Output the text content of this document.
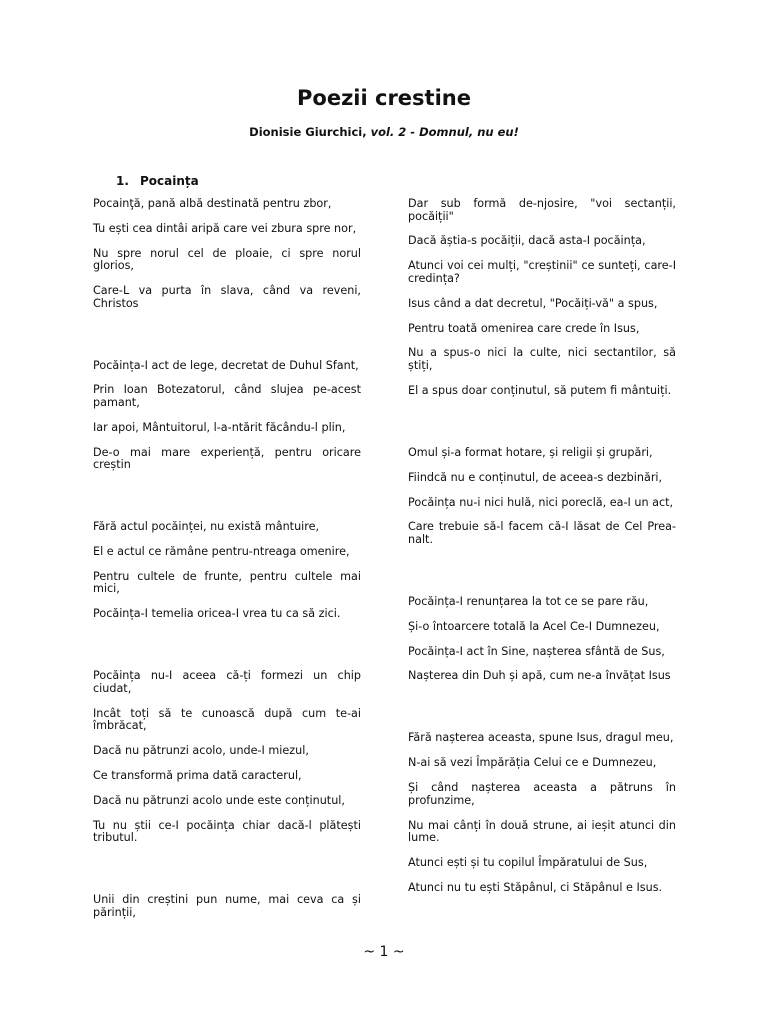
Poezii crestine
Dionisie Giurchici, vol. 2 - Domnul, nu eu!
1. Pocaința

Pocainţă, pană albă destinată pentru zbor,

Tu ești cea dintâi aripă care vei zbura spre nor,

Nu spre norul cel de ploaie, ci spre norul glorios,

Care-L va purta în slava, când va reveni, Christos

Pocăința-I act de lege, decretat de Duhul Sfant,

Prin Ioan Botezatorul, când slujea pe-acest pamant,

Iar apoi, Mântuitorul, l-a-ntărit făcându-l plin,

De-o mai mare experiență, pentru oricare creștin

Fără actul pocăinței, nu există mântuire,

El e actul ce rămâne pentru-ntreaga omenire,

Pentru cultele de frunte, pentru cultele mai mici,

Pocăința-I temelia oricea-I vrea tu ca să zici.

Pocăința nu-I aceea că-ți formezi un chip ciudat,

Incât toți să te cunoască după cum te-ai îmbrăcat,

Dacă nu pătrunzi acolo, unde-I miezul,

Ce transformă prima dată caracterul,

Dacă nu pătrunzi acolo unde este conținutul,

Tu nu știi ce-I pocăința chiar dacă-l plătești tributul.

Unii din creștini pun nume, mai ceva ca și părinții,

Dar sub formă de-njosire, "voi sectanții, pocăiții"

Dacă ăștia-s pocăiții, dacă asta-I pocăința,

Atunci voi cei mulți, "creștinii" ce sunteți, care-I credința?

Isus când a dat decretul, "Pocăiți-vă" a spus,

Pentru toată omenirea care crede în Isus,

Nu a spus-o nici la culte, nici sectantilor, să știți,

El a spus doar conținutul, să putem fi mântuiți.

Omul și-a format hotare, și religii și grupări,

Fiindcă nu e conținutul, de aceea-s dezbinări,

Pocăința nu-i nici hulă, nici poreclă, ea-I un act,

Care trebuie să-l facem că-I lăsat de Cel Prea-nalt.

Pocăința-I renunțarea la tot ce se pare rău,

Și-o întoarcere totală la Acel Ce-I Dumnezeu,

Pocăința-I act în Sine, nașterea sfântă de Sus,

Nașterea din Duh și apă, cum ne-a învățat Isus

Fără nașterea aceasta, spune Isus, dragul meu,

N-ai să vezi Împărăția Celui ce e Dumnezeu,

Și când nașterea aceasta a pătruns în profunzime,

Nu mai cânți în două strune, ai ieșit atunci din lume.

Atunci ești și tu copilul Împăratului de Sus,

Atunci nu tu ești Stăpânul, ci Stăpânul e Isus.

~ 1 ~
